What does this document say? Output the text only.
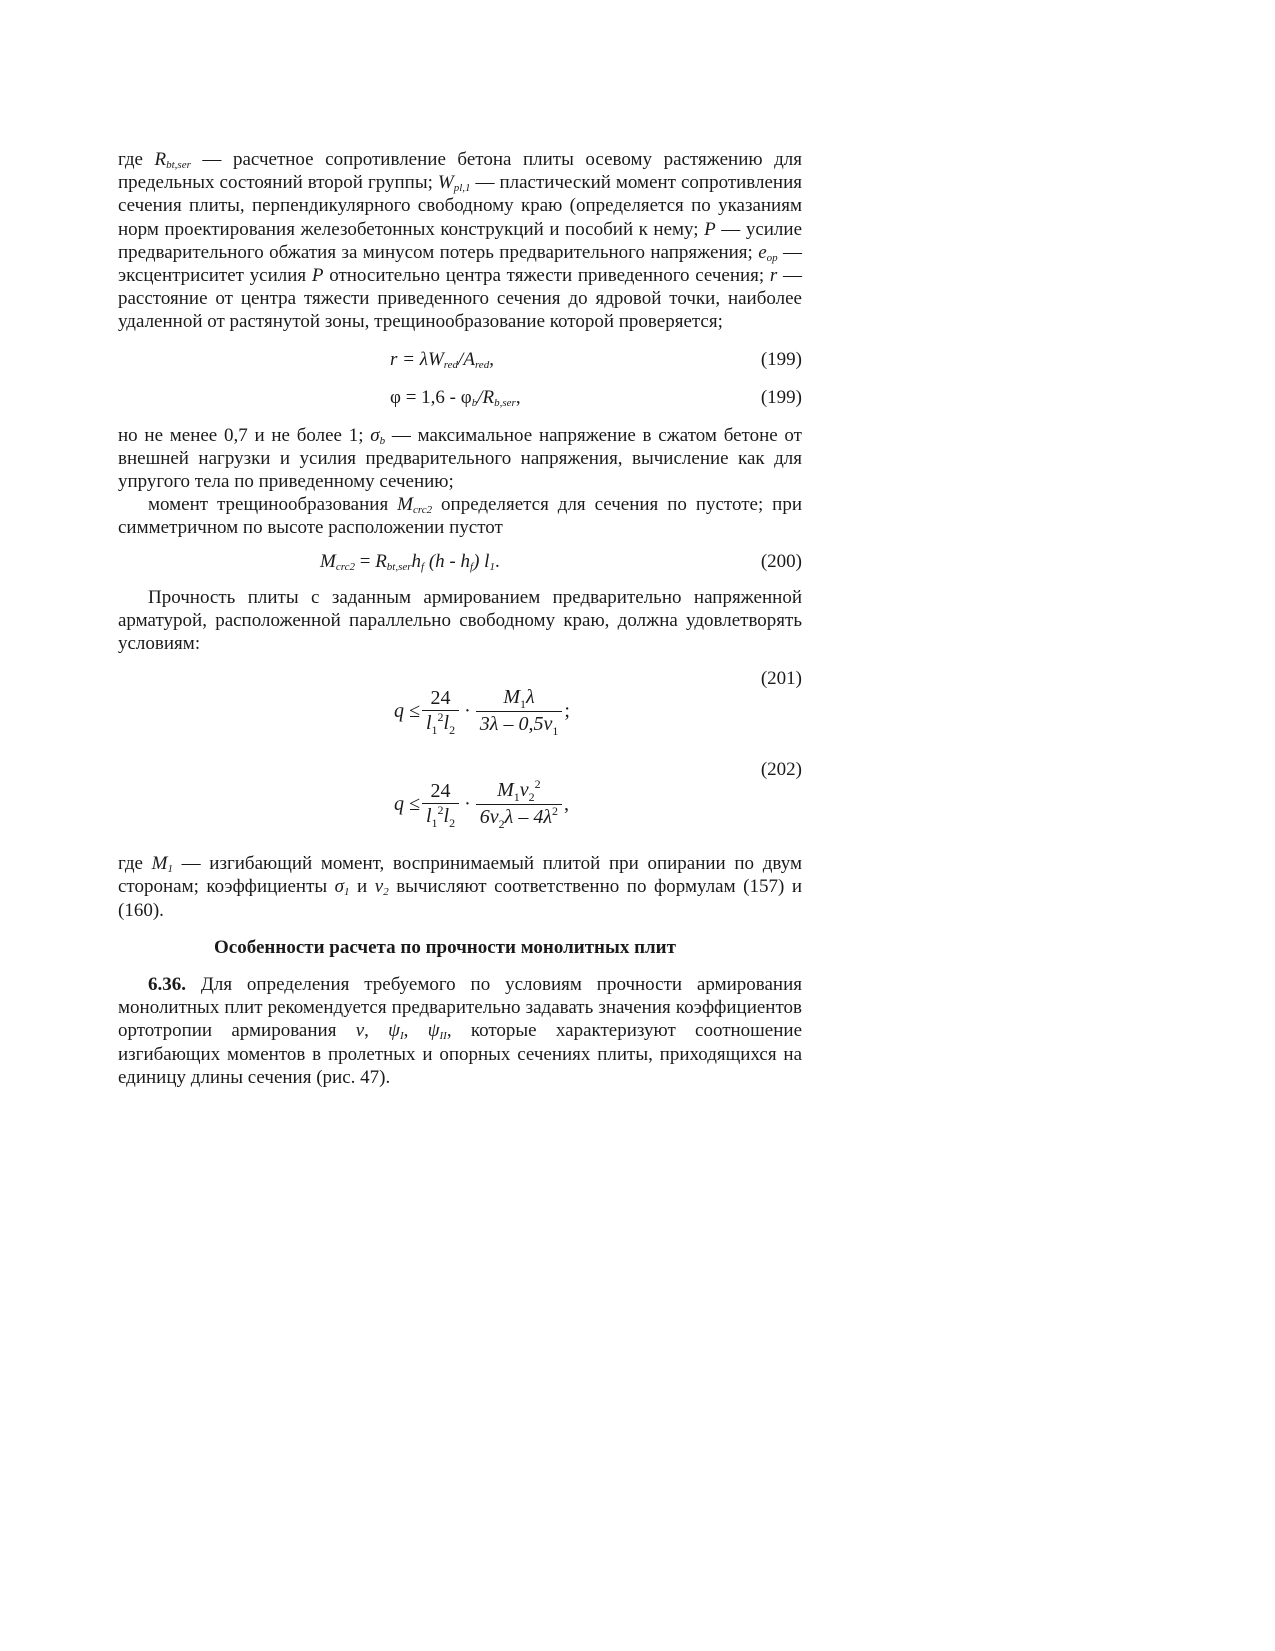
где $R_{bt,ser}$ — расчетное сопротивление бетона плиты осевому растяжению для предельных состояний второй группы; $W_{pl,1}$ — пластический момент сопротивления сечения плиты, перпендикулярного свободному краю (определяется по указаниям норм проектирования железобетонных конструкций и пособий к нему; P — усилие предварительного обжатия за минусом потерь предварительного напряжения; $e_{op}$ — эксцентриситет усилия P относительно центра тяжести приведенного сечения; r — расстояние от центра тяжести приведенного сечения до ядровой точки, наиболее удаленной от растянутой зоны, трещинообразование которой проверяется;

$r = \lambda W_{red}/A_{red}$,	(199)
$\varphi = 1,6 - \varphi_b/R_{b,ser}$,	(199)

но не менее 0,7 и не более 1; $\sigma_b$ — максимальное напряжение в сжатом бетоне от внешней нагрузки и усилия предварительного напряжения, вычисление как для упругого тела по приведенному сечению;

момент трещинообразования $M_{crc2}$ определяется для сечения по пустоте; при симметричном по высоте расположении пустот

$M_{crc2} = R_{bt,ser}h_f$ $(h - h_f)$ $l_1$.	(200)

Прочность плиты с заданным армированием предварительно напряженной арматурой, расположенной параллельно свободному краю, должна удовлетворять условиям:

(201)
$q \le \frac{24}{l_1^2l_2} \cdot \frac{M_1\lambda}{3\lambda - 0,5\nu_1}$ ;
(202)
$q \le \frac{24}{l_1^2l_2} \cdot \frac{M_1\nu_2^2}{6\nu_2\lambda - 4\lambda^2}$ ,

где $M_1$ — изгибающий момент, воспринимаемый плитой при опирании по двум сторонам; коэффициенты $\sigma_1$ и $\nu_2$ вычисляют соответственно по формулам (157) и (160).

Особенности расчета по прочности монолитных плит

6.36. Для определения требуемого по условиям прочности армирования монолитных плит рекомендуется предварительно задавать значения коэффициентов ортотропии армирования ν, $\psi_I$, $\psi_{II}$, которые характеризуют соотношение изгибающих моментов в пролетных и опорных сечениях плиты, приходящихся на единицу длины сечения (рис. 47).
